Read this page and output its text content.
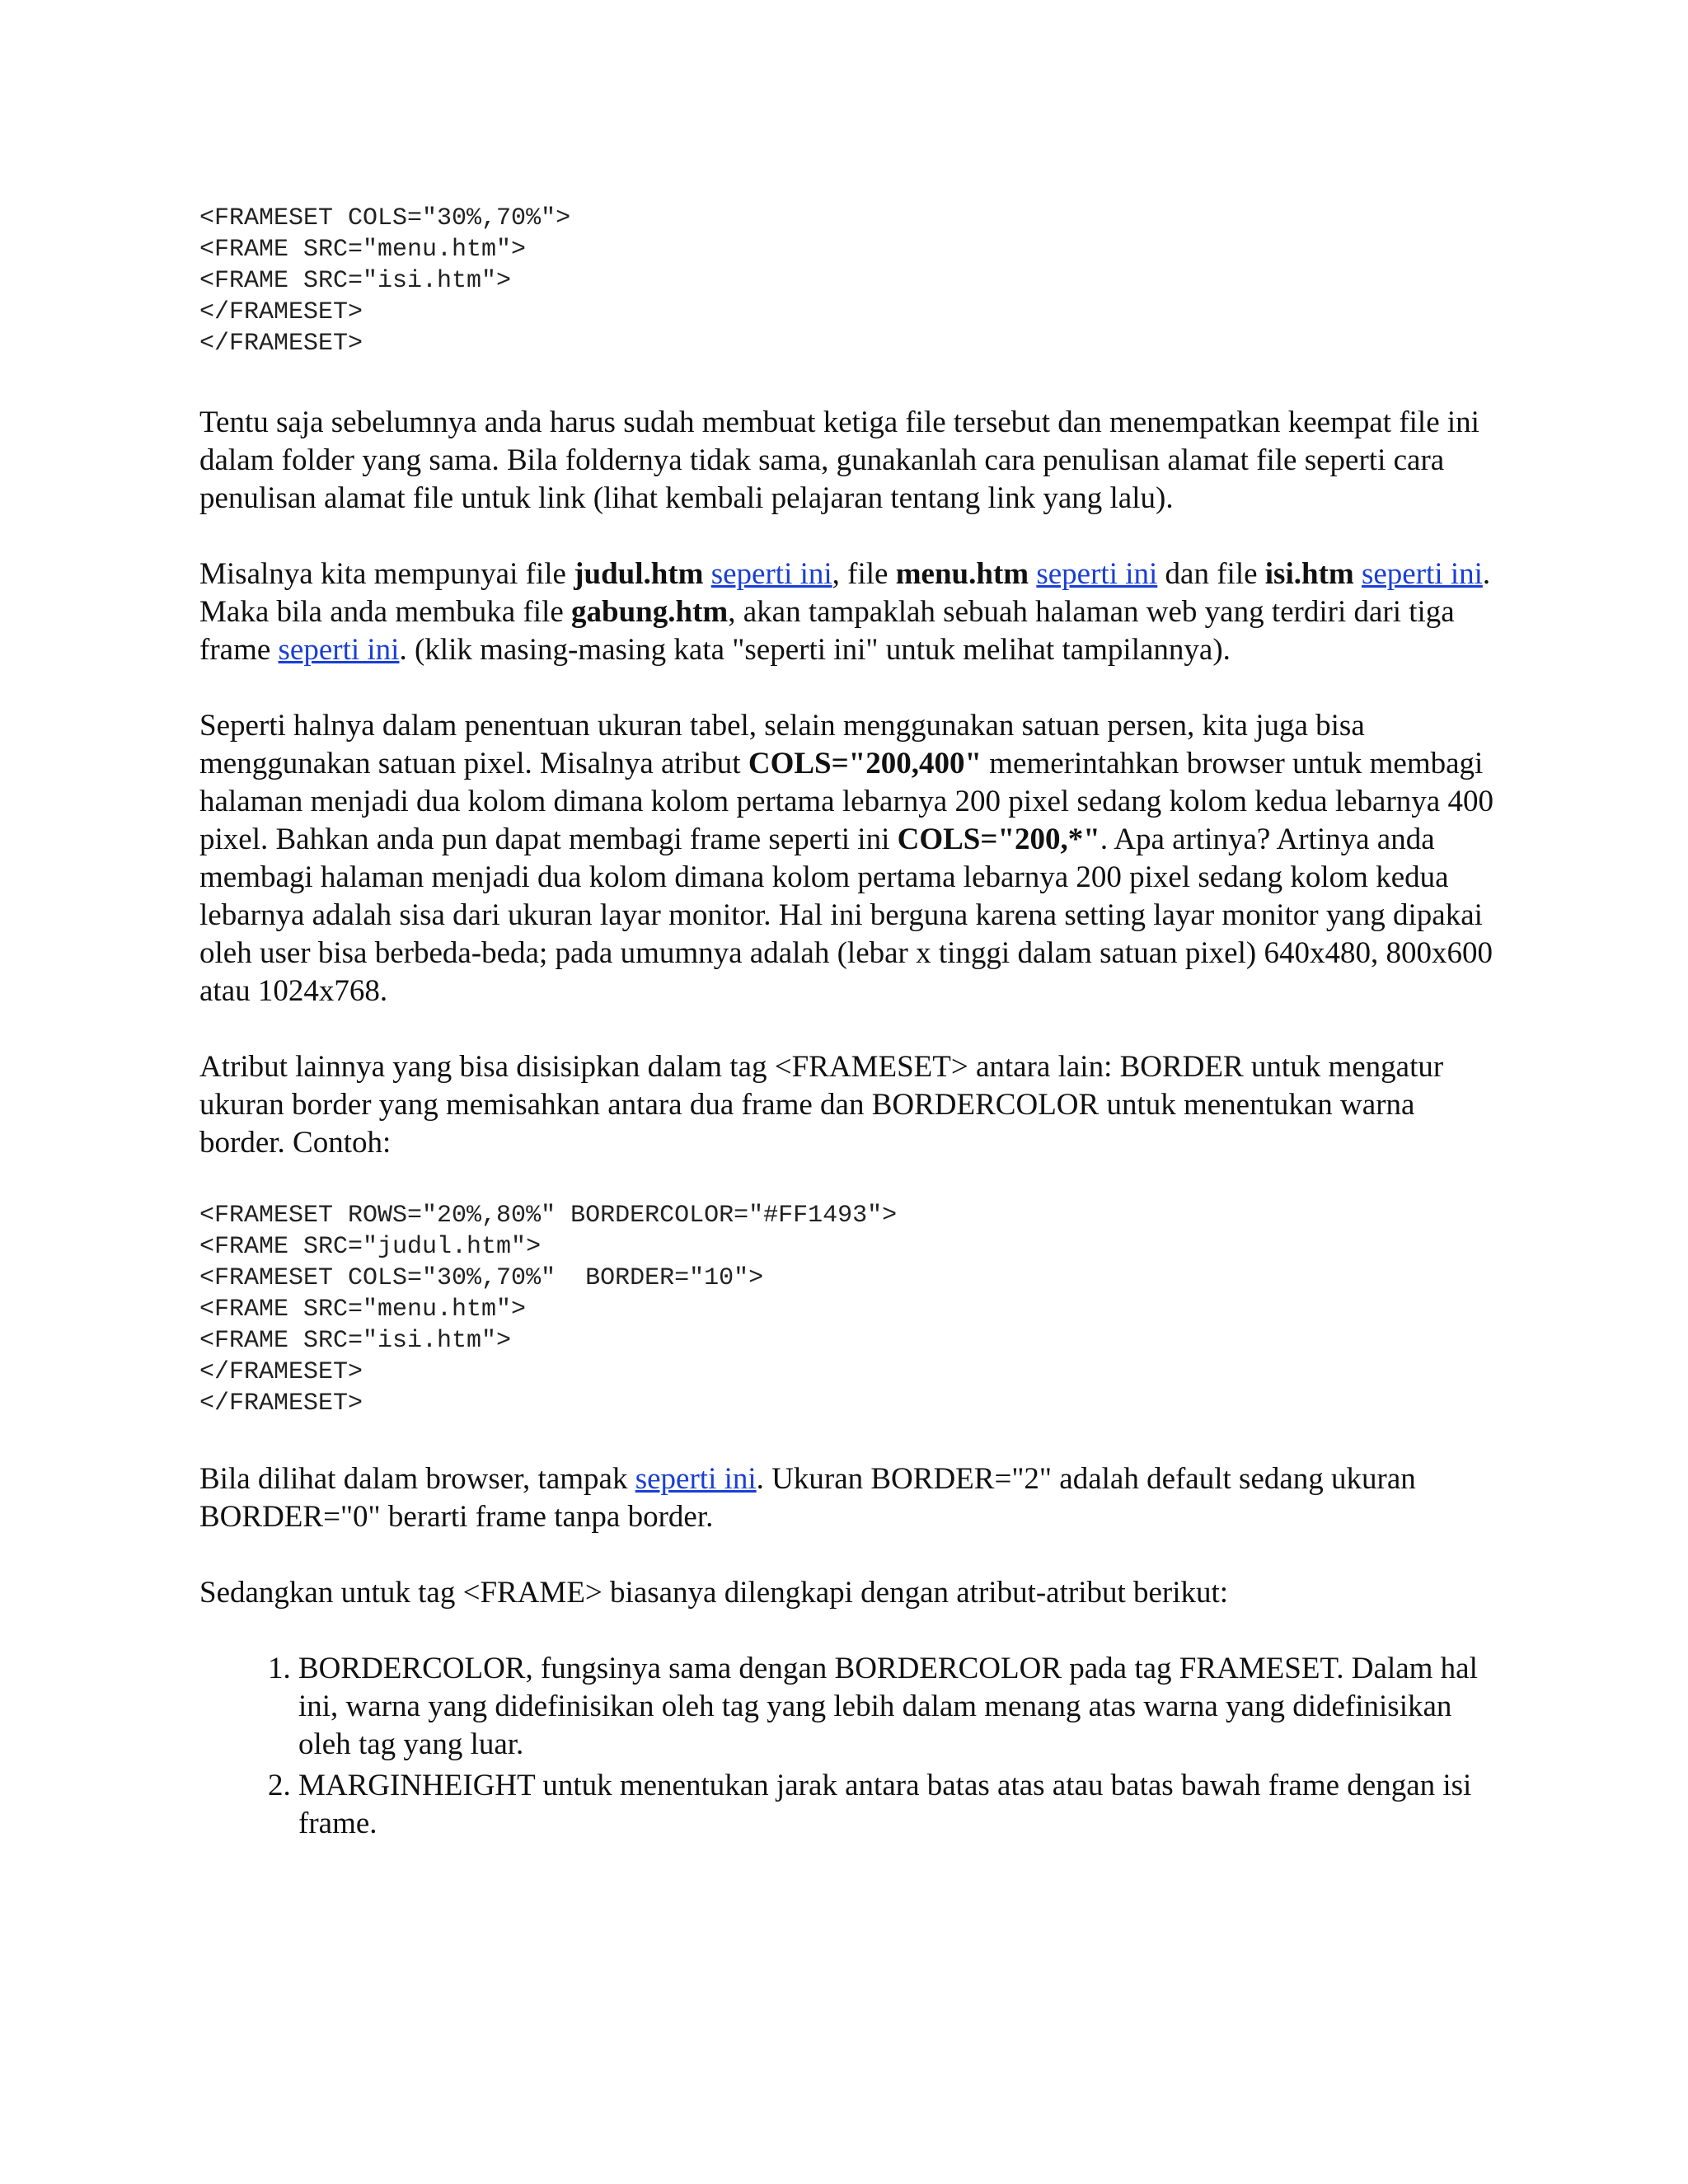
<FRAMESET COLS="30%,70%">
<FRAME SRC="menu.htm">
<FRAME SRC="isi.htm">
</FRAMESET>
</FRAMESET>

Tentu saja sebelumnya anda harus sudah membuat ketiga file tersebut dan menempatkan keempat file ini dalam folder yang sama. Bila foldernya tidak sama, gunakanlah cara penulisan alamat file seperti cara penulisan alamat file untuk link (lihat kembali pelajaran tentang link yang lalu).

Misalnya kita mempunyai file judul.htm seperti ini, file menu.htm seperti ini dan file isi.htm seperti ini. Maka bila anda membuka file gabung.htm, akan tampaklah sebuah halaman web yang terdiri dari tiga frame seperti ini. (klik masing-masing kata "seperti ini" untuk melihat tampilannya).

Seperti halnya dalam penentuan ukuran tabel, selain menggunakan satuan persen, kita juga bisa menggunakan satuan pixel. Misalnya atribut COLS="200,400" memerintahkan browser untuk membagi halaman menjadi dua kolom dimana kolom pertama lebarnya 200 pixel sedang kolom kedua lebarnya 400 pixel. Bahkan anda pun dapat membagi frame seperti ini COLS="200,*". Apa artinya? Artinya anda membagi halaman menjadi dua kolom dimana kolom pertama lebarnya 200 pixel sedang kolom kedua lebarnya adalah sisa dari ukuran layar monitor. Hal ini berguna karena setting layar monitor yang dipakai oleh user bisa berbeda-beda; pada umumnya adalah (lebar x tinggi dalam satuan pixel) 640x480, 800x600 atau 1024x768.

Atribut lainnya yang bisa disisipkan dalam tag <FRAMESET> antara lain: BORDER untuk mengatur ukuran border yang memisahkan antara dua frame dan BORDERCOLOR untuk menentukan warna border. Contoh:

<FRAMESET ROWS="20%,80%" BORDERCOLOR="#FF1493">
<FRAME SRC="judul.htm">
<FRAMESET COLS="30%,70%"  BORDER="10">
<FRAME SRC="menu.htm">
<FRAME SRC="isi.htm">
</FRAMESET>
</FRAMESET>

Bila dilihat dalam browser, tampak seperti ini. Ukuran BORDER="2" adalah default sedang ukuran BORDER="0" berarti frame tanpa border.

Sedangkan untuk tag <FRAME> biasanya dilengkapi dengan atribut-atribut berikut:

1. BORDERCOLOR, fungsinya sama dengan BORDERCOLOR pada tag FRAMESET. Dalam hal ini, warna yang didefinisikan oleh tag yang lebih dalam menang atas warna yang didefinisikan oleh tag yang luar.
2. MARGINHEIGHT untuk menentukan jarak antara batas atas atau batas bawah frame dengan isi frame.
